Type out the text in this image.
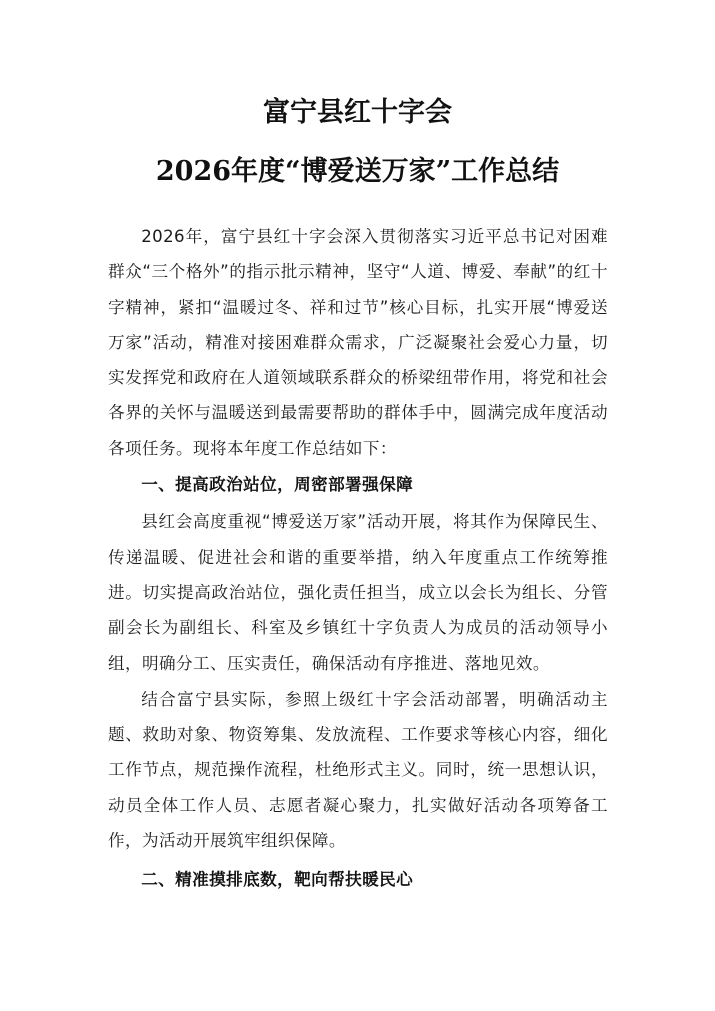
富宁县红十字会
2026年度“博爱送万家”工作总结

2026年，富宁县红十字会深入贯彻落实习近平总书记对困难群众“三个格外”的指示批示精神，坚守“人道、博爱、奉献”的红十字精神，紧扣“温暖过冬、祥和过节”核心目标，扎实开展“博爱送万家”活动，精准对接困难群众需求，广泛凝聚社会爱心力量，切实发挥党和政府在人道领域联系群众的桥梁纽带作用，将党和社会各界的关怀与温暖送到最需要帮助的群体手中，圆满完成年度活动各项任务。现将本年度工作总结如下：

一、提高政治站位，周密部署强保障

县红会高度重视“博爱送万家”活动开展，将其作为保障民生、传递温暖、促进社会和谐的重要举措，纳入年度重点工作统筹推进。切实提高政治站位，强化责任担当，成立以会长为组长、分管副会长为副组长、科室及乡镇红十字负责人为成员的活动领导小组，明确分工、压实责任，确保活动有序推进、落地见效。

结合富宁县实际，参照上级红十字会活动部署，明确活动主题、救助对象、物资筹集、发放流程、工作要求等核心内容，细化工作节点，规范操作流程，杜绝形式主义。同时，统一思想认识，动员全体工作人员、志愿者凝心聚力，扎实做好活动各项筹备工作，为活动开展筑牢组织保障。

二、精准摸排底数，靶向帮扶暖民心
